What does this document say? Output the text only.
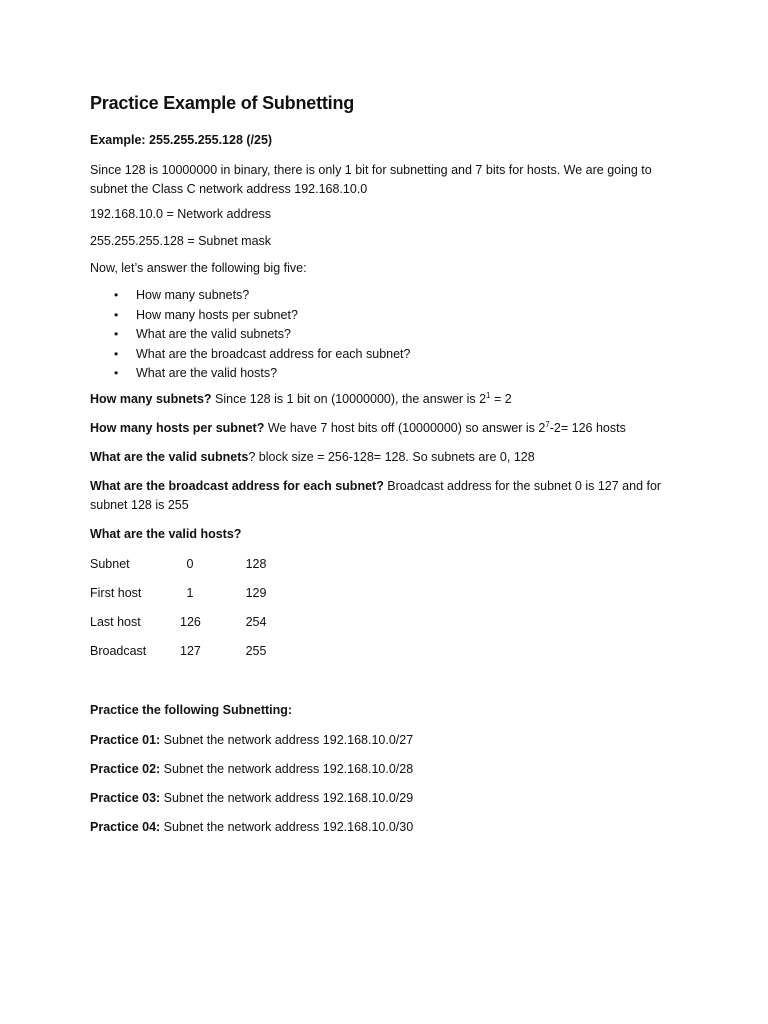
Practice Example of Subnetting
Example: 255.255.255.128 (/25)
Since 128 is 10000000 in binary, there is only 1 bit for subnetting and 7 bits for hosts. We are going to
subnet the Class C network address 192.168.10.0
192.168.10.0 = Network address
255.255.255.128 = Subnet mask
Now, let’s answer the following big five:
• How many subnets?
• How many hosts per subnet?
• What are the valid subnets?
• What are the broadcast address for each subnet?
• What are the valid hosts?
How many subnets? Since 128 is 1 bit on (10000000), the answer is $2^1 = 2$
How many hosts per subnet? We have 7 host bits off (10000000) so answer is $2^7-2= 126$ hosts
What are the valid subnets? block size = 256-128= 128. So subnets are 0, 128
What are the broadcast address for each subnet? Broadcast address for the subnet 0 is 127 and for
subnet 128 is 255
What are the valid hosts?
Subnet	0	128
First host	1	129
Last host	126	254
Broadcast	127	255
Practice the following Subnetting:
Practice 01: Subnet the network address 192.168.10.0/27
Practice 02: Subnet the network address 192.168.10.0/28
Practice 03: Subnet the network address 192.168.10.0/29
Practice 04: Subnet the network address 192.168.10.0/30
